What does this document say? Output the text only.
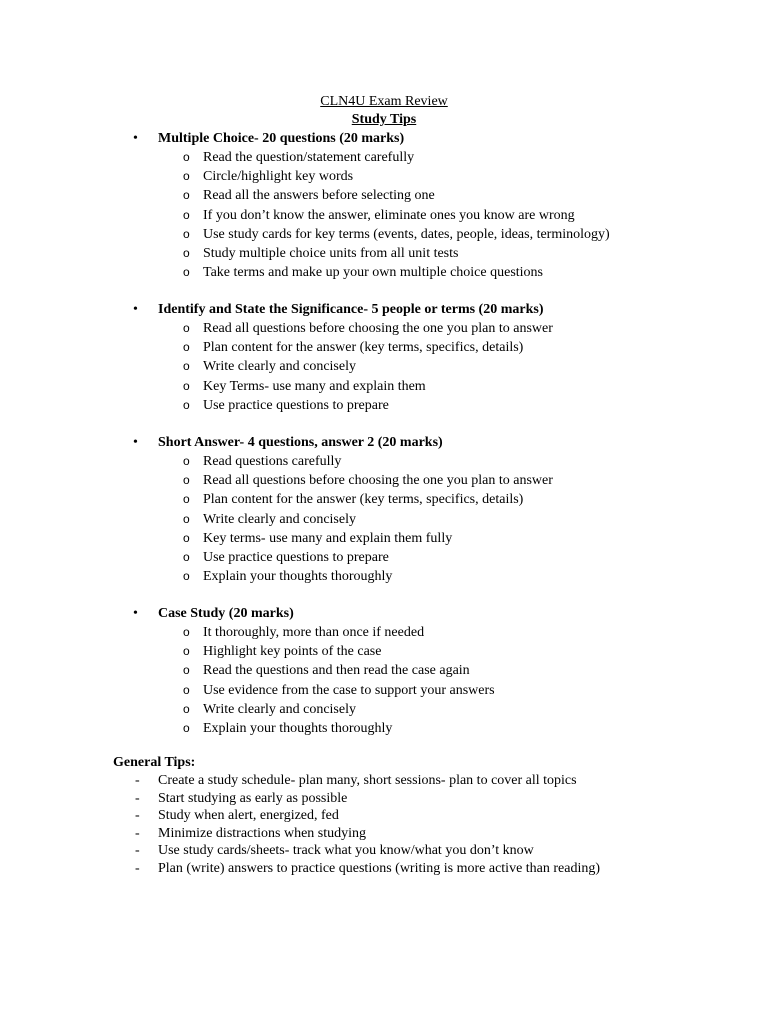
CLN4U Exam Review
Study Tips
• Multiple Choice- 20 questions (20 marks)
o Read the question/statement carefully
o Circle/highlight key words
o Read all the answers before selecting one
o If you don’t know the answer, eliminate ones you know are wrong
o Use study cards for key terms (events, dates, people, ideas, terminology)
o Study multiple choice units from all unit tests
o Take terms and make up your own multiple choice questions
• Identify and State the Significance- 5 people or terms (20 marks)
o Read all questions before choosing the one you plan to answer
o Plan content for the answer (key terms, specifics, details)
o Write clearly and concisely
o Key Terms- use many and explain them
o Use practice questions to prepare
• Short Answer- 4 questions, answer 2 (20 marks)
o Read questions carefully
o Read all questions before choosing the one you plan to answer
o Plan content for the answer (key terms, specifics, details)
o Write clearly and concisely
o Key terms- use many and explain them fully
o Use practice questions to prepare
o Explain your thoughts thoroughly
• Case Study (20 marks)
o It thoroughly, more than once if needed
o Highlight key points of the case
o Read the questions and then read the case again
o Use evidence from the case to support your answers
o Write clearly and concisely
o Explain your thoughts thoroughly
General Tips:
- Create a study schedule- plan many, short sessions- plan to cover all topics
- Start studying as early as possible
- Study when alert, energized, fed
- Minimize distractions when studying
- Use study cards/sheets- track what you know/what you don’t know
- Plan (write) answers to practice questions (writing is more active than reading)
